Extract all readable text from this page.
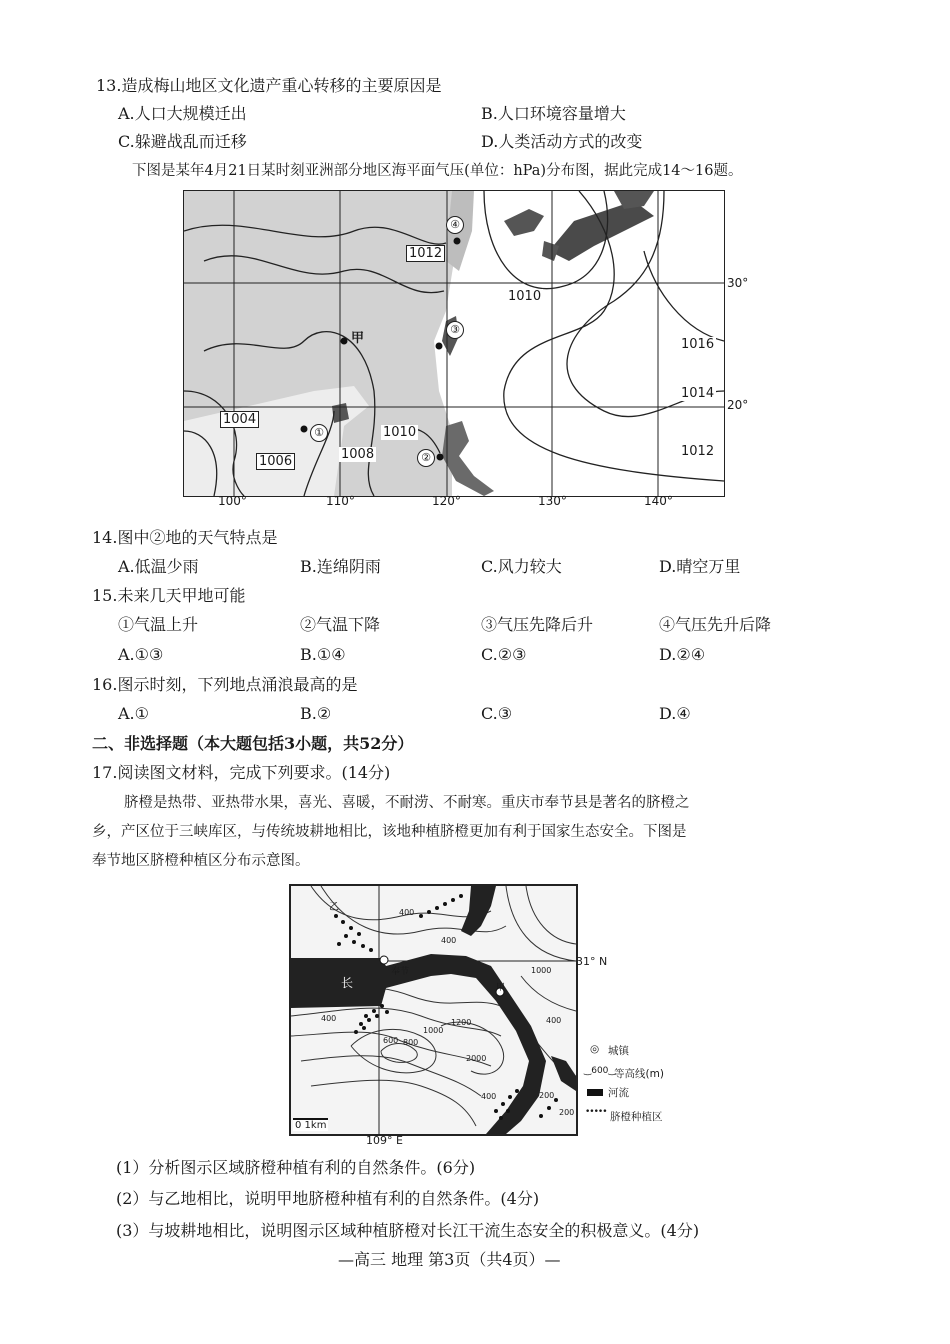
13.造成梅山地区文化遗产重心转移的主要原因是
A.人口大规模迁出	B.人口环境容量增大
C.躲避战乱而迁移	D.人类活动方式的改变
下图是某年4月21日某时刻亚洲部分地区海平面气压(单位：hPa)分布图，据此完成14～16题。
1012
1010
1016
1014
1012
1004
1006	1008
1010
甲
①
②
③
④
100°	110°	120°	130°	140°
30°
20°
14.图中②地的天气特点是
A.低温少雨	B.连绵阴雨	C.风力较大	D.晴空万里
15.未来几天甲地可能
①气温上升	②气温下降	③气压先降后升	④气压先升后降
A.①③	B.①④	C.②③	D.②④
16.图示时刻，下列地点涌浪最高的是
A.①	B.②	C.③	D.④
二、非选择题（本大题包括3小题，共52分）
17.阅读图文材料，完成下列要求。(14分)
脐橙是热带、亚热带水果，喜光、喜暖，不耐涝、不耐寒。重庆市奉节县是著名的脐橙之
乡，产区位于三峡库区，与传统坡耕地相比，该地种植脐橙更加有利于国家生态安全。下图是
奉节地区脐橙种植区分布示意图。
乙
长
奉节
甲
400
400
400
600 800
1000
1200
1000
2000
400	200
200
400
0 1km
31° N
109° E
◎ 城镇
‿600‿
等高线(m)
河流
••••• 脐橙种植区
(1）分析图示区域脐橙种植有利的自然条件。(6分)
(2）与乙地相比，说明甲地脐橙种植有利的自然条件。(4分)
(3）与坡耕地相比，说明图示区域种植脐橙对长江干流生态安全的积极意义。(4分)
—高三 地理 第3页（共4页）—
